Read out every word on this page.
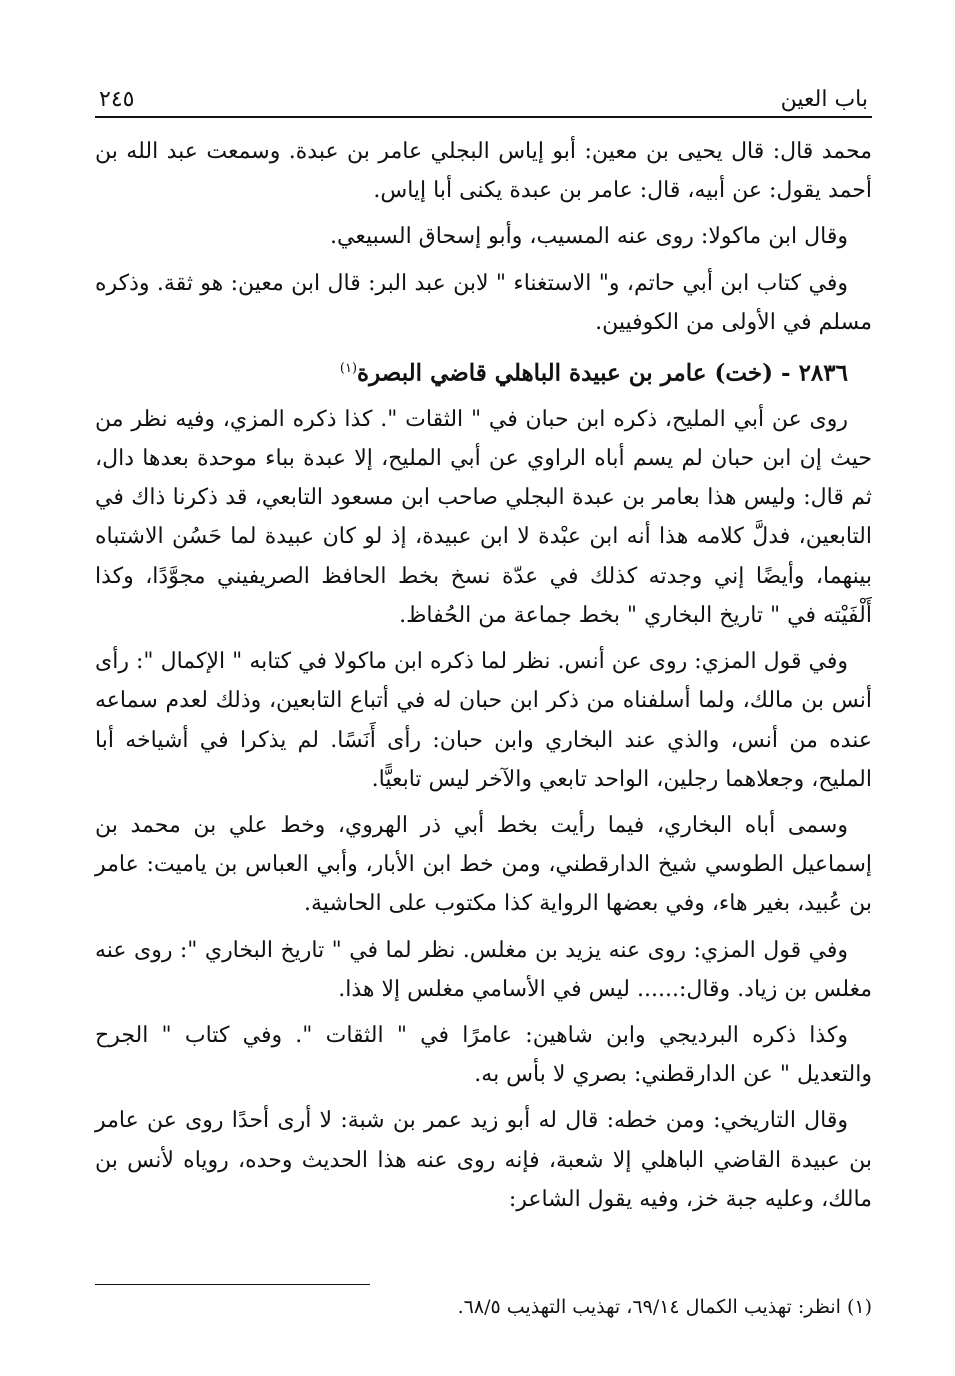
باب العين
٢٤٥

محمد قال: قال يحيى بن معين: أبو إياس البجلي عامر بن عبدة. وسمعت عبد الله بن أحمد يقول: عن أبيه، قال: عامر بن عبدة يكنى أبا إياس.

وقال ابن ماكولا: روى عنه المسيب، وأبو إسحاق السبيعي.

وفي كتاب ابن أبي حاتم، و" الاستغناء " لابن عبد البر: قال ابن معين: هو ثقة. وذكره مسلم في الأولى من الكوفيين.

٢٨٣٦ - (خت) عامر بن عبيدة الباهلي قاضي البصرة$^{(١)}$

روى عن أبي المليح، ذكره ابن حبان في " الثقات ". كذا ذكره المزي، وفيه نظر من حيث إن ابن حبان لم يسم أباه الراوي عن أبي المليح، إلا عبدة بباء موحدة بعدها دال، ثم قال: وليس هذا بعامر بن عبدة البجلي صاحب ابن مسعود التابعي، قد ذكرنا ذاك في التابعين، فدلَّ كلامه هذا أنه ابن عبْدة لا ابن عبيدة، إذ لو كان عبيدة لما حَسُن الاشتباه بينهما، وأيضًا إني وجدته كذلك في عدّة نسخ بخط الحافظ الصريفيني مجوَّدًا، وكذا أَلْفَيْته في " تاريخ البخاري " بخط جماعة من الحُفاظ.

وفي قول المزي: روى عن أنس. نظر لما ذكره ابن ماكولا في كتابه " الإكمال ": رأى أنس بن مالك، ولما أسلفناه من ذكر ابن حبان له في أتباع التابعين، وذلك لعدم سماعه عنده من أنس، والذي عند البخاري وابن حبان: رأى أَنَسًا. لم يذكرا في أشياخه أبا المليح، وجعلاهما رجلين، الواحد تابعي والآخر ليس تابعيًّا.

وسمى أباه البخاري، فيما رأيت بخط أبي ذر الهروي، وخط علي بن محمد بن إسماعيل الطوسي شيخ الدارقطني، ومن خط ابن الأبار، وأبي العباس بن ياميت: عامر بن عُبيد، بغير هاء، وفي بعضها الرواية كذا مكتوب على الحاشية.

وفي قول المزي: روى عنه يزيد بن مغلس. نظر لما في " تاريخ البخاري ": روى عنه مغلس بن زياد. وقال:...... ليس في الأسامي مغلس إلا هذا.

وكذا ذكره البرديجي وابن شاهين: عامرًا في " الثقات ". وفي كتاب " الجرح والتعديل " عن الدارقطني: بصري لا بأس به.

وقال التاريخي: ومن خطه: قال له أبو زيد عمر بن شبة: لا أرى أحدًا روى عن عامر بن عبيدة القاضي الباهلي إلا شعبة، فإنه روى عنه هذا الحديث وحده، روياه لأنس بن مالك، وعليه جبة خز، وفيه يقول الشاعر:

(١) انظر: تهذيب الكمال ٦٩/١٤، تهذيب التهذيب ٦٨/٥.
